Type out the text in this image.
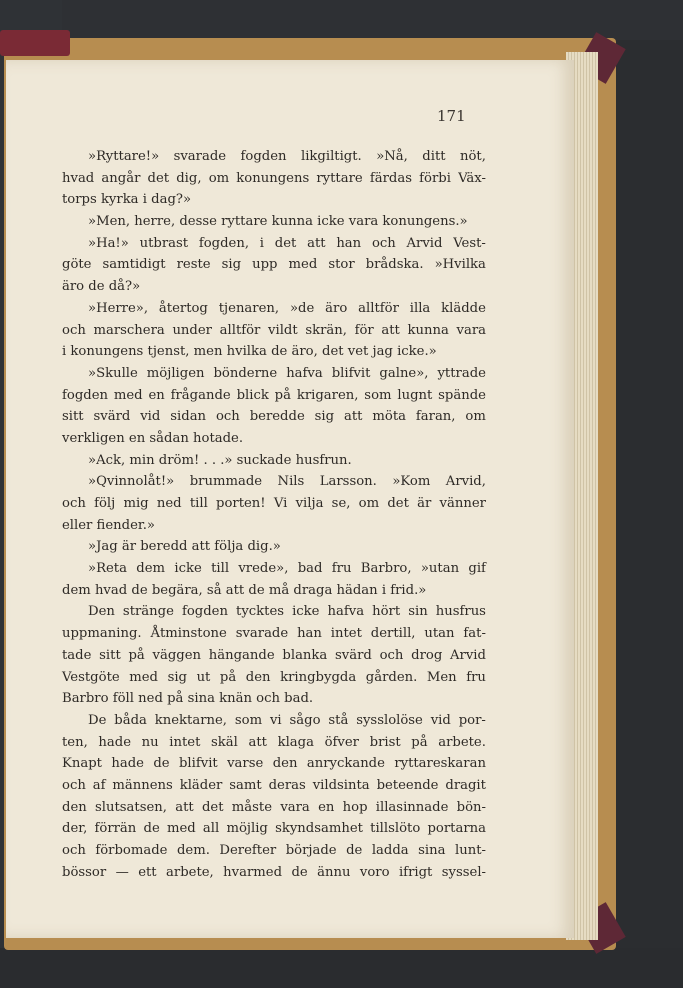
171
»Ryttare!» svarade fogden likgiltigt. »Nå, ditt nöt,
hvad angår det dig, om konungens ryttare färdas förbi Väx-
torps kyrka i dag?»
»Men, herre, desse ryttare kunna icke vara konungens.»
»Ha!» utbrast fogden, i det att han och Arvid Vest-
göte samtidigt reste sig upp med stor brådska. »Hvilka
äro de då?»
»Herre», återtog tjenaren, »de äro alltför illa klädde
och marschera under alltför vildt skrän, för att kunna vara
i konungens tjenst, men hvilka de äro, det vet jag icke.»
»Skulle möjligen bönderne hafva blifvit galne», yttrade
fogden med en frågande blick på krigaren, som lugnt spände
sitt svärd vid sidan och beredde sig att möta faran, om
verkligen en sådan hotade.
»Ack, min dröm! . . .» suckade husfrun.
»Qvinnolåt!» brummade Nils Larsson. »Kom Arvid,
och följ mig ned till porten! Vi vilja se, om det är vänner
eller fiender.»
»Jag är beredd att följa dig.»
»Reta dem icke till vrede», bad fru Barbro, »utan gif
dem hvad de begära, så att de må draga hädan i frid.»
Den stränge fogden tycktes icke hafva hört sin husfrus
uppmaning. Åtminstone svarade han intet dertill, utan fat-
tade sitt på väggen hängande blanka svärd och drog Arvid
Vestgöte med sig ut på den kringbygda gården. Men fru
Barbro föll ned på sina knän och bad.
De båda knektarne, som vi sågo stå sysslolöse vid por-
ten, hade nu intet skäl att klaga öfver brist på arbete.
Knapt hade de blifvit varse den anryckande ryttareskaran
och af männens kläder samt deras vildsinta beteende dragit
den slutsatsen, att det måste vara en hop illasinnade bön-
der, förrän de med all möjlig skyndsamhet tillslöto portarna
och förbomade dem. Derefter började de ladda sina lunt-
bössor — ett arbete, hvarmed de ännu voro ifrigt syssel-
